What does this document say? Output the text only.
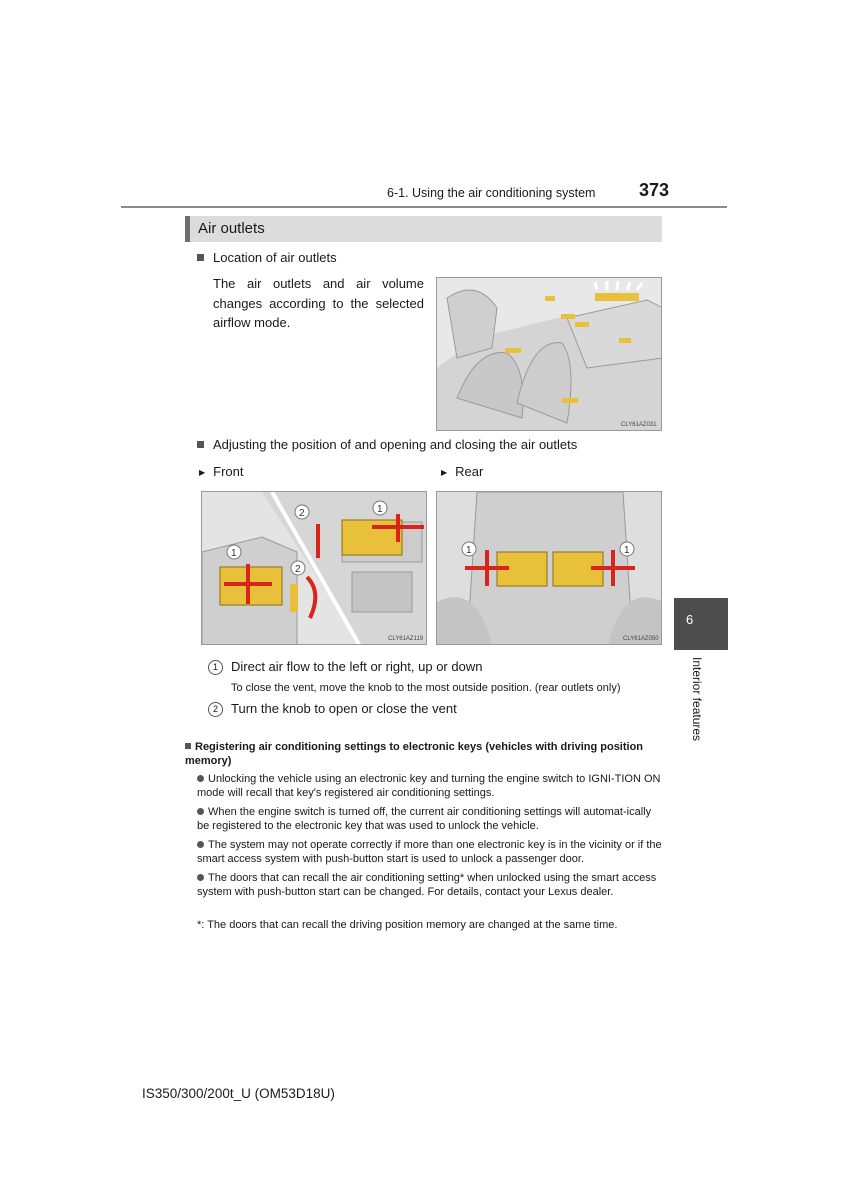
6-1. Using the air conditioning system 373
Air outlets
Location of air outlets
The air outlets and air volume changes according to the selected airflow mode.
CLY61AZ031
Adjusting the position of and opening and closing the air outlets
▶ Front	▶ Rear
1
1
2
2
CLY61AZ119
1	1
CLY61AZ050
1 Direct air flow to the left or right, up or down
To close the vent, move the knob to the most outside position. (rear outlets only)
2 Turn the knob to open or close the vent
Registering air conditioning settings to electronic keys (vehicles with driving position memory)
Unlocking the vehicle using an electronic key and turning the engine switch to IGNI-TION ON mode will recall that key's registered air conditioning settings.
When the engine switch is turned off, the current air conditioning settings will automat-ically be registered to the electronic key that was used to unlock the vehicle.
The system may not operate correctly if more than one electronic key is in the vicinity or if the smart access system with push-button start is used to unlock a passenger door.
The doors that can recall the air conditioning setting* when unlocked using the smart access system with push-button start can be changed. For details, contact your Lexus dealer.
*: The doors that can recall the driving position memory are changed at the same time.
6
Interior features
IS350/300/200t_U (OM53D18U)
